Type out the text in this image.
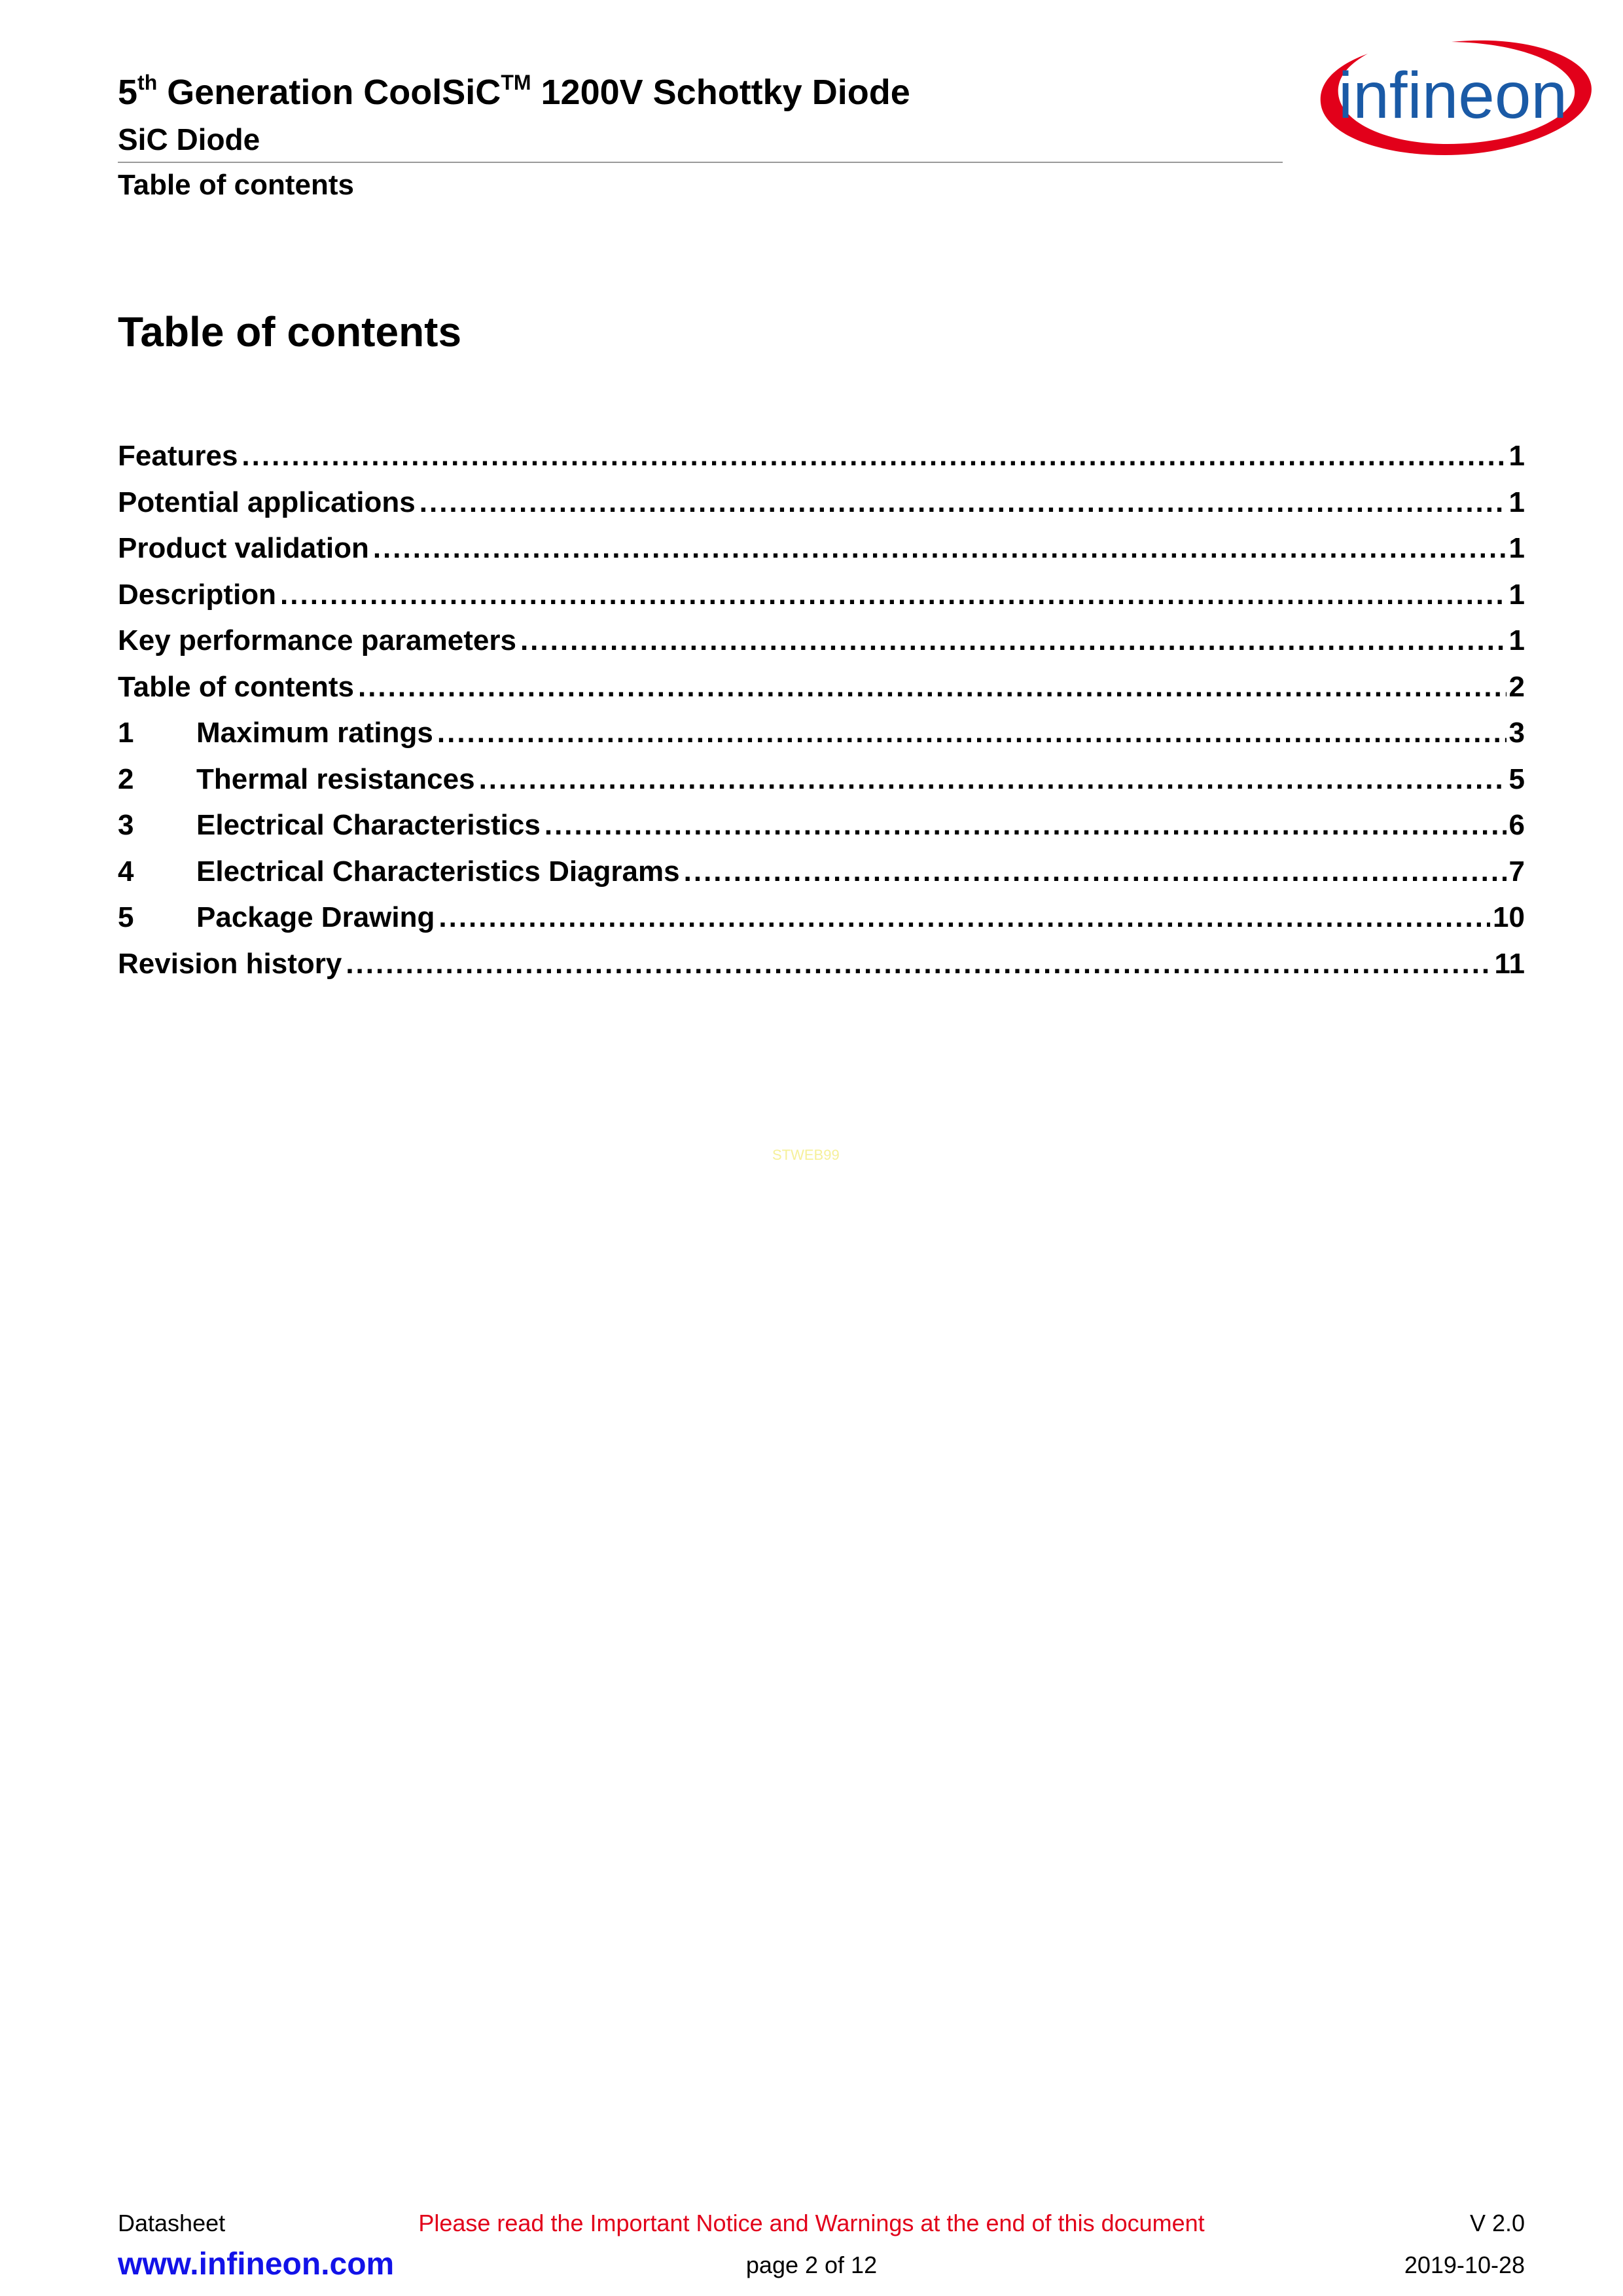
5th Generation CoolSiC™ 1200V Schottky Diode
SiC Diode
Table of contents
infineon
Table of contents
Features .....	1
Potential applications .....	1
Product validation .....	1
Description .....	1
Key performance parameters .....	1
Table of contents .....	2
1	Maximum ratings .....	3
2	Thermal resistances .....	5
3	Electrical Characteristics .....	6
4	Electrical Characteristics Diagrams .....	7
5	Package Drawing .....	10
Revision history .....	11
STWEB99
Please read the Important Notice and Warnings at the end of this document
Datasheet	V 2.0
page 2 of 12
www.infineon.com	2019-10-28
